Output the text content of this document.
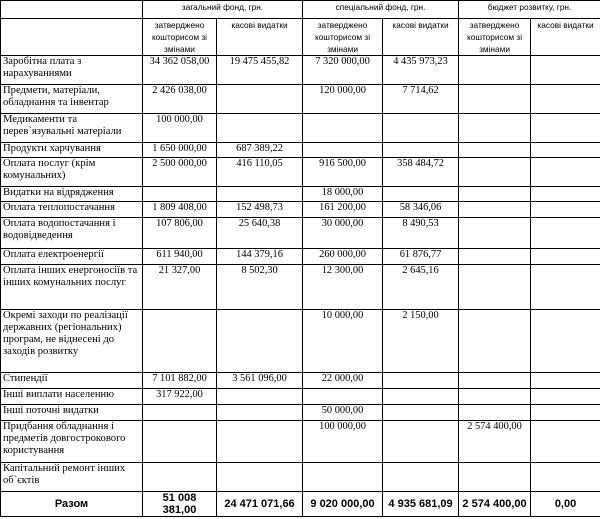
	загальний фонд, грн.		спеціальний фонд, грн.		бюджет розвитку, грн.	
	затверджено кошторисом зі змінами	касові видатки	затверджено кошторисом зі змінами	касові видатки	затверджено кошторисом зі змінами	касові видатки
Заробітна плата з нарахуваннями	34 362 058,00	19 475 455,82	7 320 000,00	4 435 973,23		
Предмети, матеріали, обладнання та інвентар	2 426 038,00		120 000,00	7 714,62		
Медикаменти та перев`язувальні матеріали	100 000,00					
Продукти харчування	1 650 000,00	687 389,22				
Оплата послуг (крім комунальних)	2 500 000,00	416 110,05	916 500,00	358 484,72		
Видатки на відрядження			18 000,00			
Оплата теплопостачання	1 809 408,00	152 498,73	161 200,00	58 346,06		
Оплата водопостачання і водовідведення	107 806,00	25 640,38	30 000,00	8 490,53		
Оплата електроенергії	611 940,00	144 379,16	260 000,00	61 876,77		
Оплата інших енергоносіїв та інших комунальних послуг	21 327,00	8 502,30	12 300,00	2 645,16		
Окремі заходи по реалізації державних (регіональних) програм, не віднесені до заходів розвитку			10 000,00	2 150,00		
Стипендії	7 101 882,00	3 561 096,00	22 000,00			
Інші виплати населенню	317 922,00					
Інші поточні видатки			50 000,00			
Придбання обладнання і предметів довгострокового користування			100 000,00		2 574 400,00	
Капітальний ремонт інших об`єктів						
Разом	51 008 381,00	24 471 071,66	9 020 000,00	4 935 681,09	2 574 400,00	0,00
